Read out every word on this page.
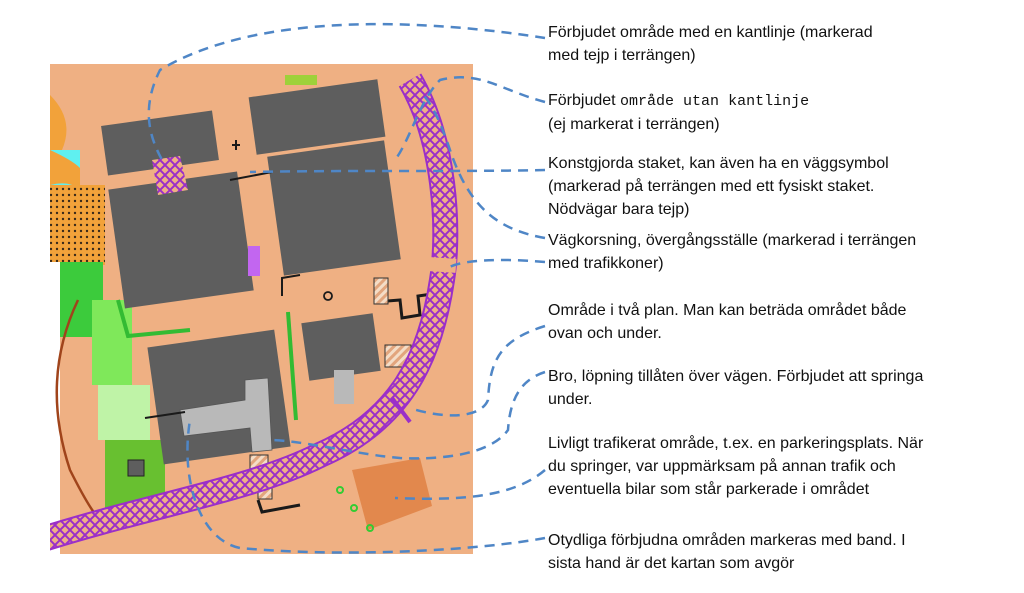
Förbjudet område med en kantlinje (markerad
med tejp i terrängen)
Förbjudet område utan kantlinje
(ej markerat i terrängen)
Konstgjorda staket, kan även ha en väggsymbol
(markerad på terrängen med ett fysiskt staket.
Nödvägar bara tejp)
Vägkorsning, övergångsställe (markerad i terrängen
med trafikkoner)
Område i två plan. Man kan beträda området både
ovan och under.
Bro, löpning tillåten över vägen. Förbjudet att springa
under.
Livligt trafikerat område, t.ex. en parkeringsplats. När
du springer, var uppmärksam på annan trafik och
eventuella bilar som står parkerade i området
Otydliga förbjudna områden markeras med band. I
sista hand är det kartan som avgör
